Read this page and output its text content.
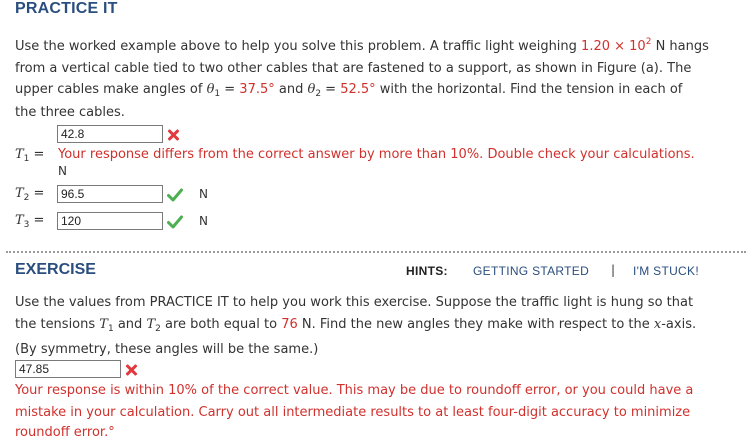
PRACTICE IT
Use the worked example above to help you solve this problem. A traffic light weighing $1.20 \times 10^2$ N hangs
from a vertical cable tied to two other cables that are fastened to a support, as shown in Figure (a). The
upper cables make angles of $\theta_1 = 37.5^\circ$ and $\theta_2 = 52.5^\circ$ with the horizontal. Find the tension in each of
the three cables.
42.8
$T_1$ = Your response differs from the correct answer by more than 10%. Double check your calculations.
N
$T_2$ =
96.5	N
$T_3$ =
120	N
EXERCISE	HINTS: GETTING STARTED | I'M STUCK!
Use the values from PRACTICE IT to help you work this exercise. Suppose the traffic light is hung so that
the tensions $T_1$ and $T_2$ are both equal to 76 N. Find the new angles they make with respect to the x-axis.
(By symmetry, these angles will be the same.)
47.85
Your response is within 10% of the correct value. This may be due to roundoff error, or you could have a
mistake in your calculation. Carry out all intermediate results to at least four-digit accuracy to minimize
roundoff error.°
